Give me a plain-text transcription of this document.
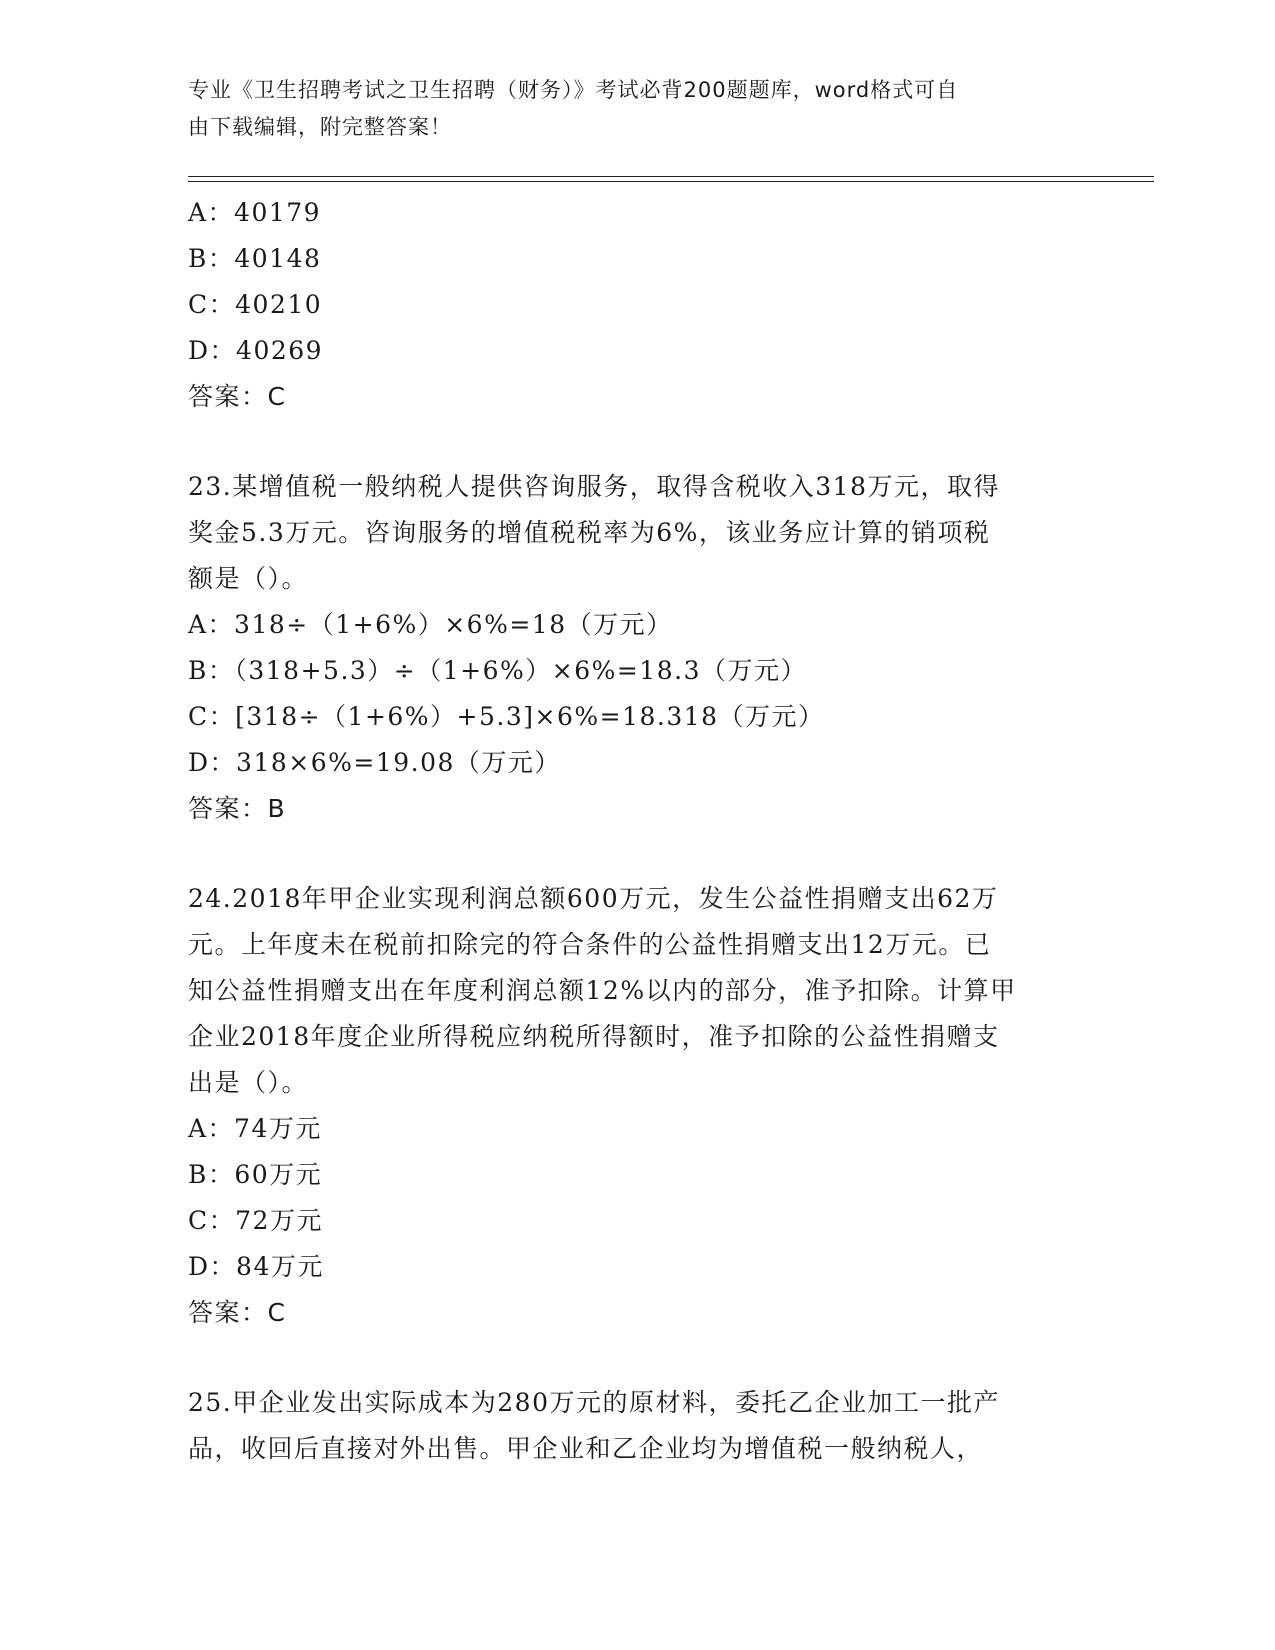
专业《卫生招聘考试之卫生招聘（财务）》考试必背200题题库，word格式可自
由下载编辑，附完整答案！
A：40179
B：40148
C：40210
D：40269
答案：C
23.某增值税一般纳税人提供咨询服务，取得含税收入318万元，取得
奖金5.3万元。咨询服务的增值税税率为6%，该业务应计算的销项税
额是（）。
A：318÷（1+6%）×6%=18（万元）
B：（318+5.3）÷（1+6%）×6%=18.3（万元）
C：[318÷（1+6%）+5.3]×6%=18.318（万元）
D：318×6%=19.08（万元）
答案：B
24.2018年甲企业实现利润总额600万元，发生公益性捐赠支出62万
元。上年度未在税前扣除完的符合条件的公益性捐赠支出12万元。已
知公益性捐赠支出在年度利润总额12%以内的部分，准予扣除。计算甲
企业2018年度企业所得税应纳税所得额时，准予扣除的公益性捐赠支
出是（）。
A：74万元
B：60万元
C：72万元
D：84万元
答案：C
25.甲企业发出实际成本为280万元的原材料，委托乙企业加工一批产
品，收回后直接对外出售。甲企业和乙企业均为增值税一般纳税人，
